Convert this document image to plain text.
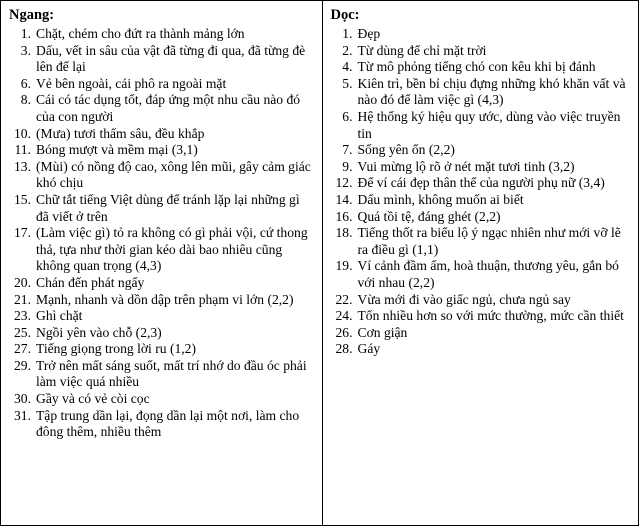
Ngang:
1. Chặt, chém cho đứt ra thành mảng lớn
3. Dấu, vết in sâu của vật đã từng đi qua, đã từng đè lên để lại
6. Vẻ bên ngoài, cái phô ra ngoài mặt
8. Cái có tác dụng tốt, đáp ứng một nhu cầu nào đó của con người
10. (Mưa) tươi thấm sâu, đều khắp
11. Bóng mượt và mềm mại (3,1)
13. (Mùi) có nồng độ cao, xông lên mũi, gây cảm giác khó chịu
15. Chữ tắt tiếng Việt dùng để tránh lặp lại những gì đã viết ở trên
17. (Làm việc gì) tỏ ra không có gì phải vội, cứ thong thả, tựa như thời gian kéo dài bao nhiêu cũng không quan trọng (4,3)
20. Chán đến phát ngấy
21. Mạnh, nhanh và dồn dập trên phạm vi lớn (2,2)
23. Ghì chặt
25. Ngồi yên vào chỗ (2,3)
27. Tiếng giọng trong lời ru (1,2)
29. Trở nên mất sáng suốt, mất trí nhớ do đầu óc phải làm việc quá nhiều
30. Gầy và có vẻ còi cọc
31. Tập trung dần lại, đọng dần lại một nơi, làm cho đông thêm, nhiều thêm
Dọc:
1. Đẹp
2. Từ dùng để chỉ mặt trời
4. Từ mô phỏng tiếng chó con kêu khi bị đánh
5. Kiên trì, bền bỉ chịu đựng những khó khăn vất và nào đó để làm việc gì (4,3)
6. Hệ thống ký hiệu quy ước, dùng vào việc truyền tin
7. Sống yên ổn (2,2)
9. Vui mừng lộ rõ ở nét mặt tươi tinh (3,2)
12. Để ví cái đẹp thân thể của người phụ nữ (3,4)
14. Dấu mình, không muốn ai biết
16. Quá tồi tệ, đáng ghét (2,2)
18. Tiếng thốt ra biểu lộ ý ngạc nhiên như mới vỡ lẽ ra điều gì (1,1)
19. Ví cảnh đầm ấm, hoà thuận, thương yêu, gắn bó với nhau (2,2)
22. Vừa mới đi vào giấc ngủ, chưa ngủ say
24. Tốn nhiều hơn so với mức thường, mức cần thiết
26. Cơn giận
28. Gáy
